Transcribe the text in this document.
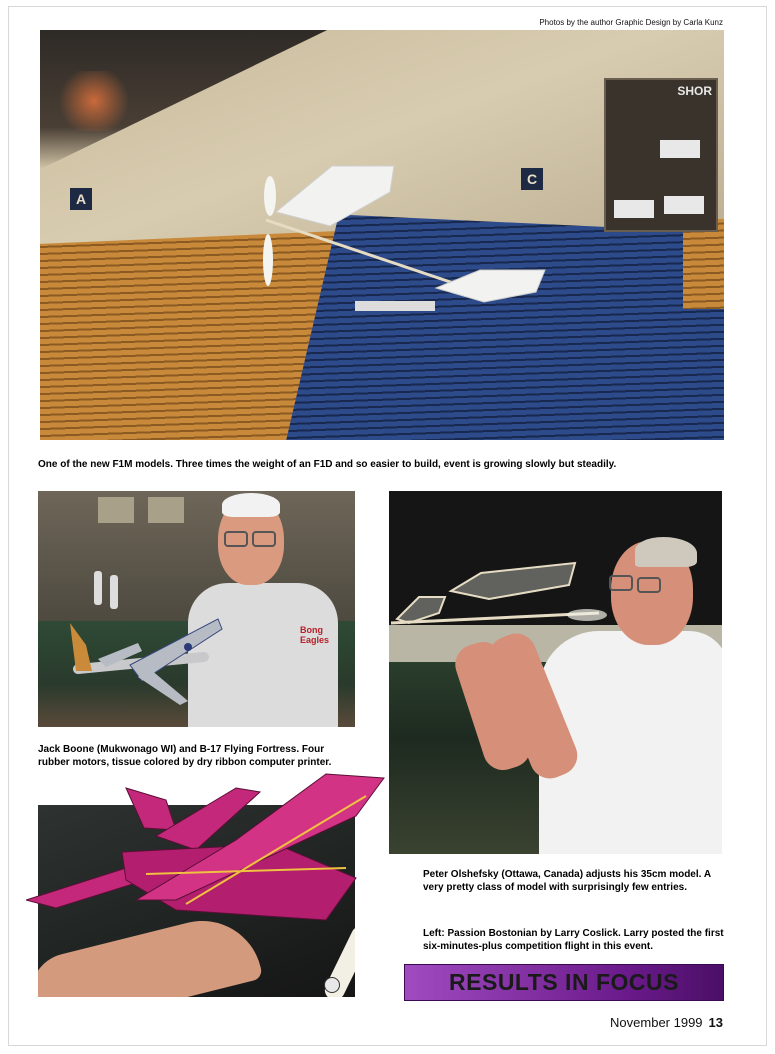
Photos by the author Graphic Design by Carla Kunz
A
C
SHOR
One of the new F1M models. Three times the weight of an F1D and so easier to build, event is growing slowly but steadily.
Bong
Eagles
Jack Boone (Mukwonago WI) and B-17 Flying Fortress. Four rubber motors, tissue colored by dry ribbon computer printer.
Peter Olshefsky (Ottawa, Canada) adjusts his 35cm model. A very pretty class of model with surprisingly few entries.
Left: Passion Bostonian by Larry Coslick. Larry posted the first six-minutes-plus competition flight in this event.
RESULTS IN FOCUS
November 1999 13
